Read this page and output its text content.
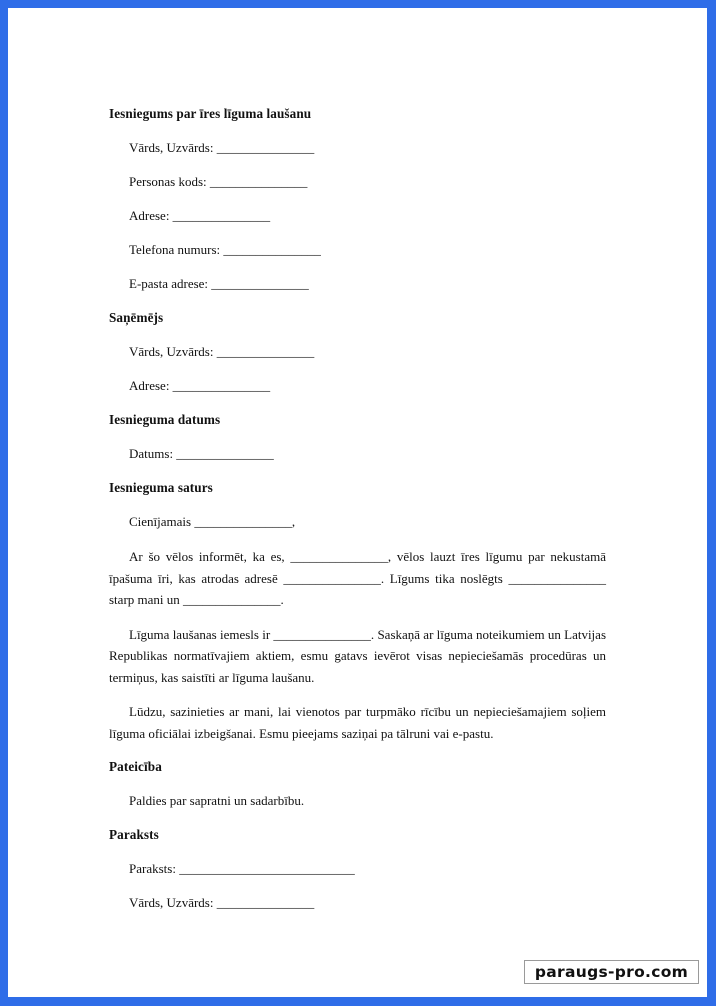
Iesniegums par īres līguma laušanu
Vārds, Uzvārds: _______________
Personas kods: _______________
Adrese: _______________
Telefona numurs: _______________
E-pasta adrese: _______________
Saņēmējs
Vārds, Uzvārds: _______________
Adrese: _______________
Iesnieguma datums
Datums: _______________
Iesnieguma saturs
Cienījamais _______________,

Ar šo vēlos informēt, ka es, _______________, vēlos lauzt īres līgumu par nekustamā īpašuma īri, kas atrodas adresē _______________. Līgums tika noslēgts _______________ starp mani un _______________.

Līguma laušanas iemesls ir _______________. Saskaņā ar līguma noteikumiem un Latvijas Republikas normatīvajiem aktiem, esmu gatavs ievērot visas nepieciešamās procedūras un termiņus, kas saistīti ar līguma laušanu.

Lūdzu, sazinieties ar mani, lai vienotos par turpmāko rīcību un nepieciešamajiem soļiem līguma oficiālai izbeigšanai. Esmu pieejams saziņai pa tālruni vai e-pastu.

Pateicība
Paldies par sapratni un sadarbību.
Paraksts
Paraksts: ___________________________
Vārds, Uzvārds: _______________
paraugs-pro.com
